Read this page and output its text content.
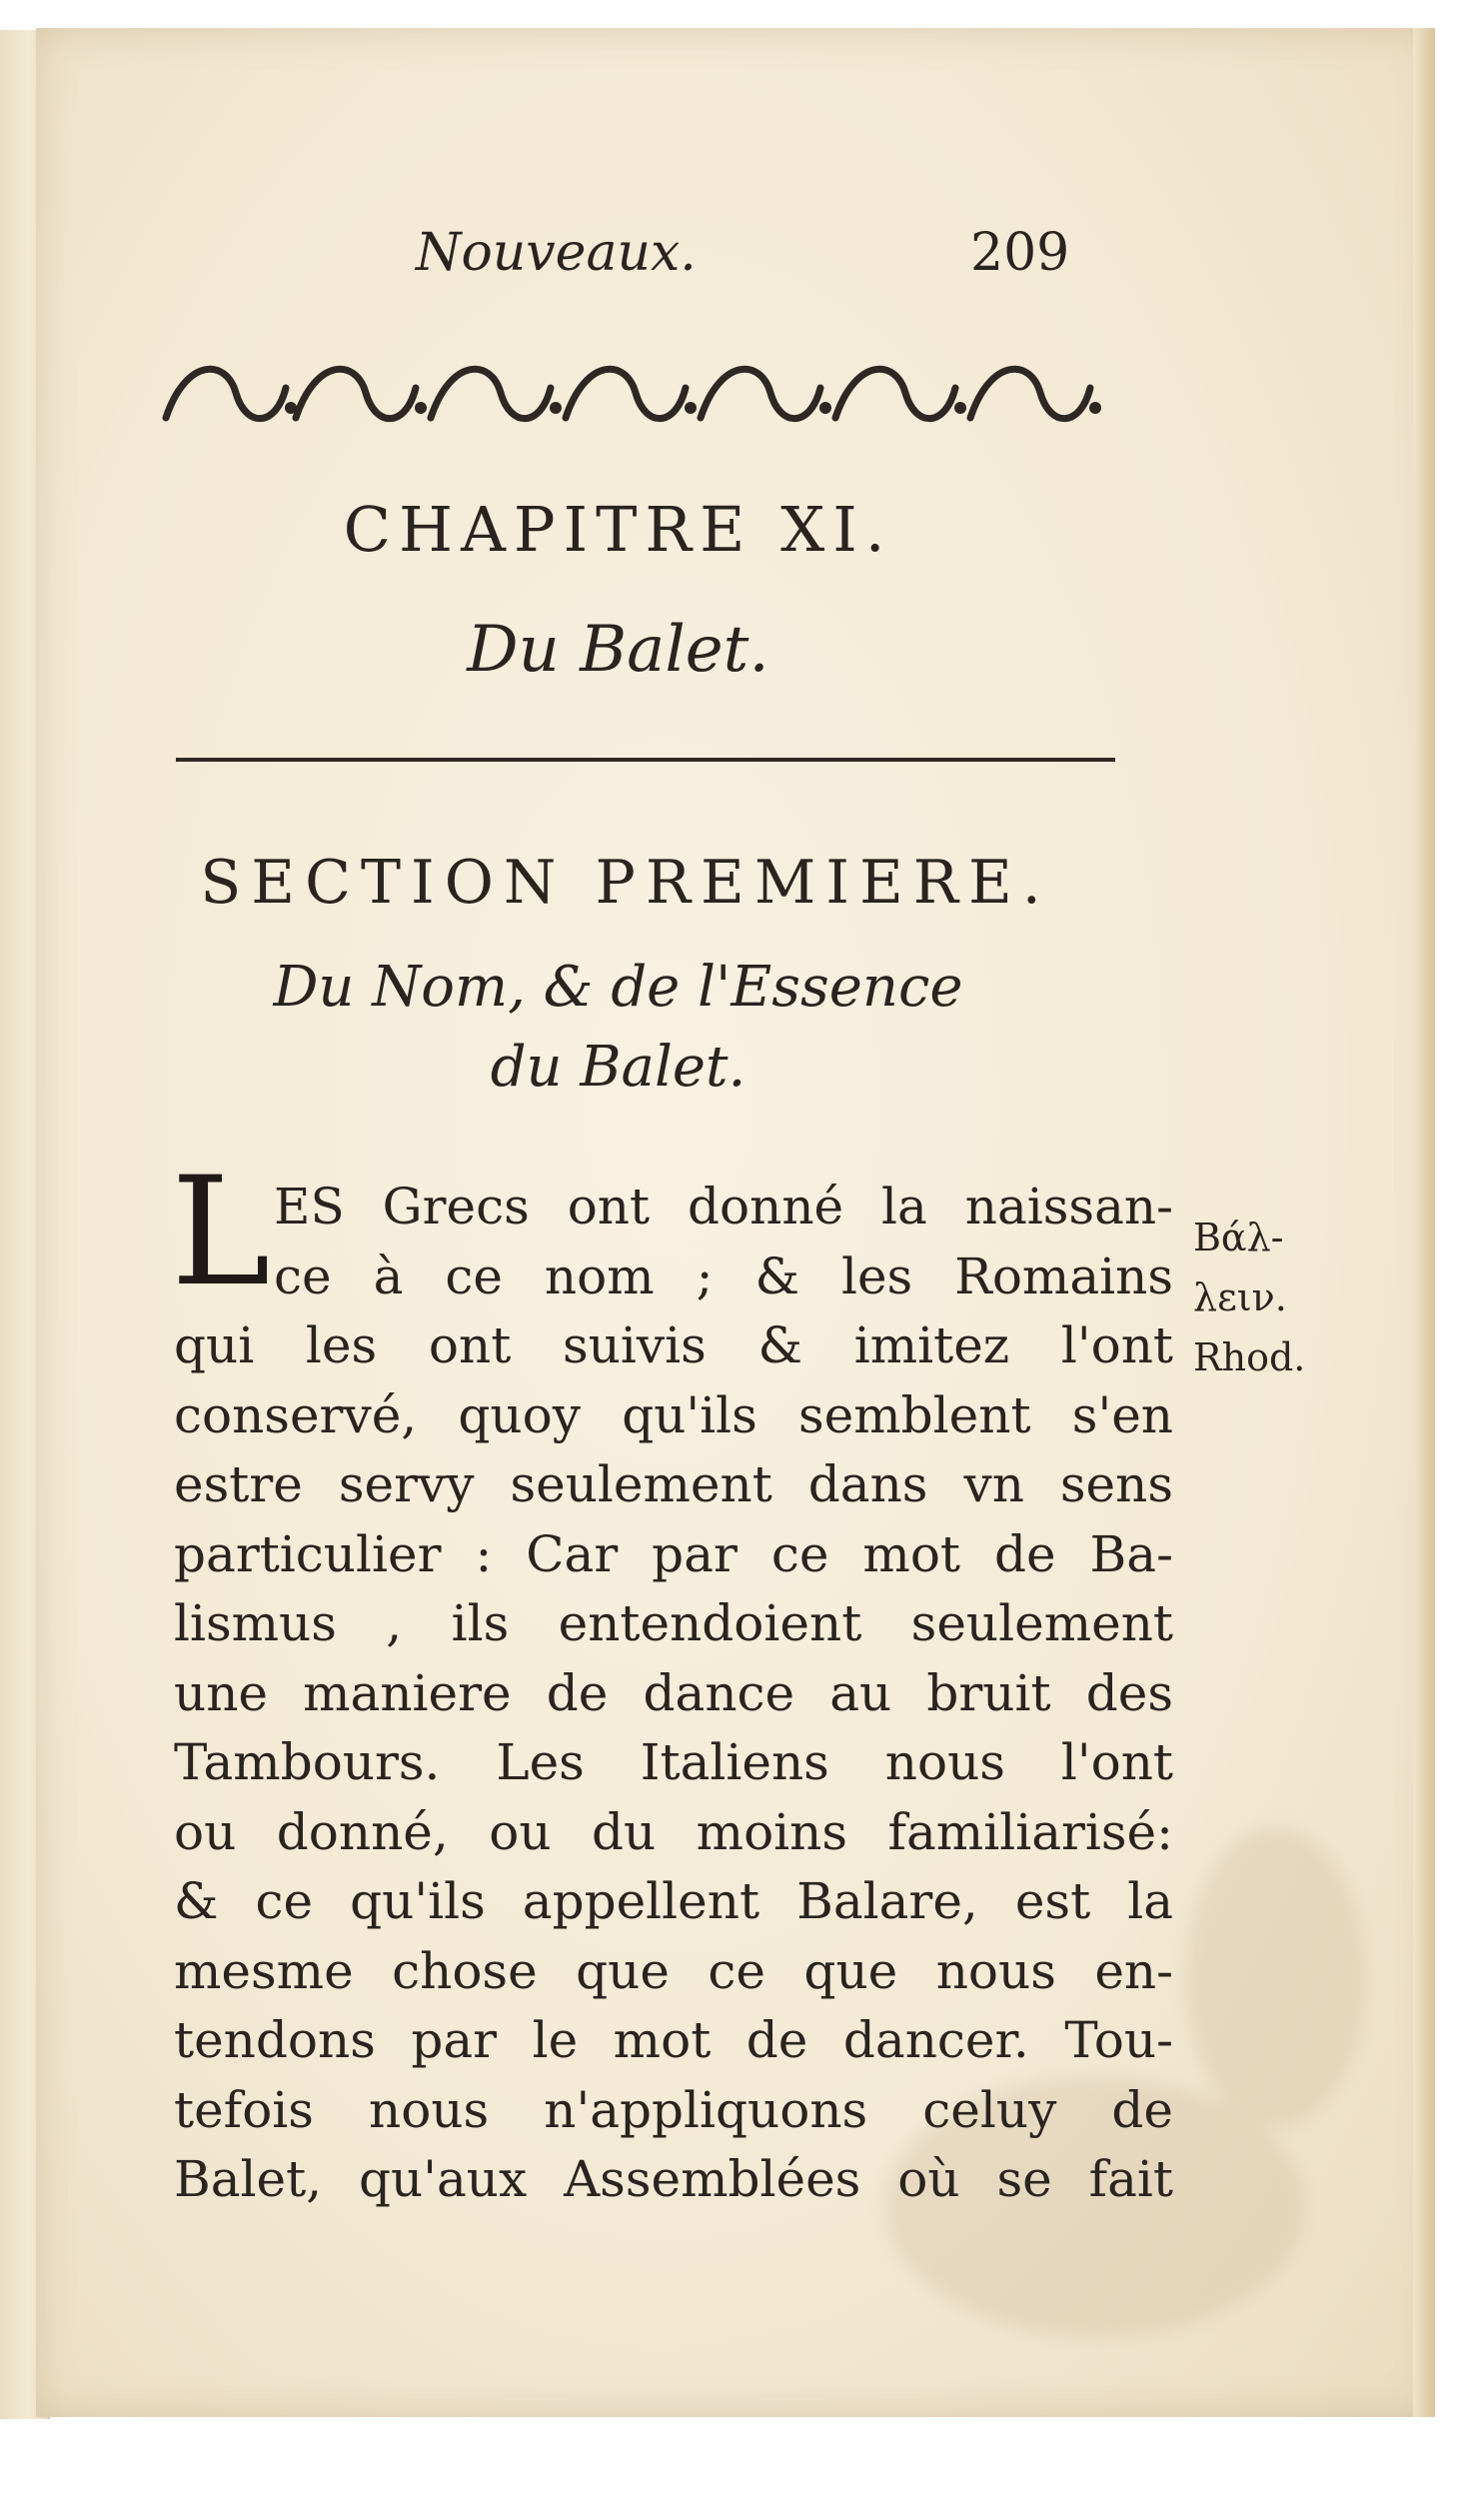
Nouveaux.	209
CHAPITRE XI.
Du Balet.
SECTION PREMIERE.
Du Nom, & de l'Essence
du Balet.
L ES Grecs ont donné la naissan-
ce à ce nom ; & les Romains
qui les ont suivis & imitez l'ont
conservé, quoy qu'ils semblent s'en
estre servy seulement dans vn sens
particulier : Car par ce mot de Ba-
lismus , ils entendoient seulement
une maniere de dance au bruit des
Tambours. Les Italiens nous l'ont
ou donné, ou du moins familiarisé:
& ce qu'ils appellent Balare, est la
mesme chose que ce que nous en-
tendons par le mot de dancer. Tou-
tefois nous n'appliquons celuy de
Balet, qu'aux Assemblées où se fait
Βάλ-
λειν.
Rhod.
